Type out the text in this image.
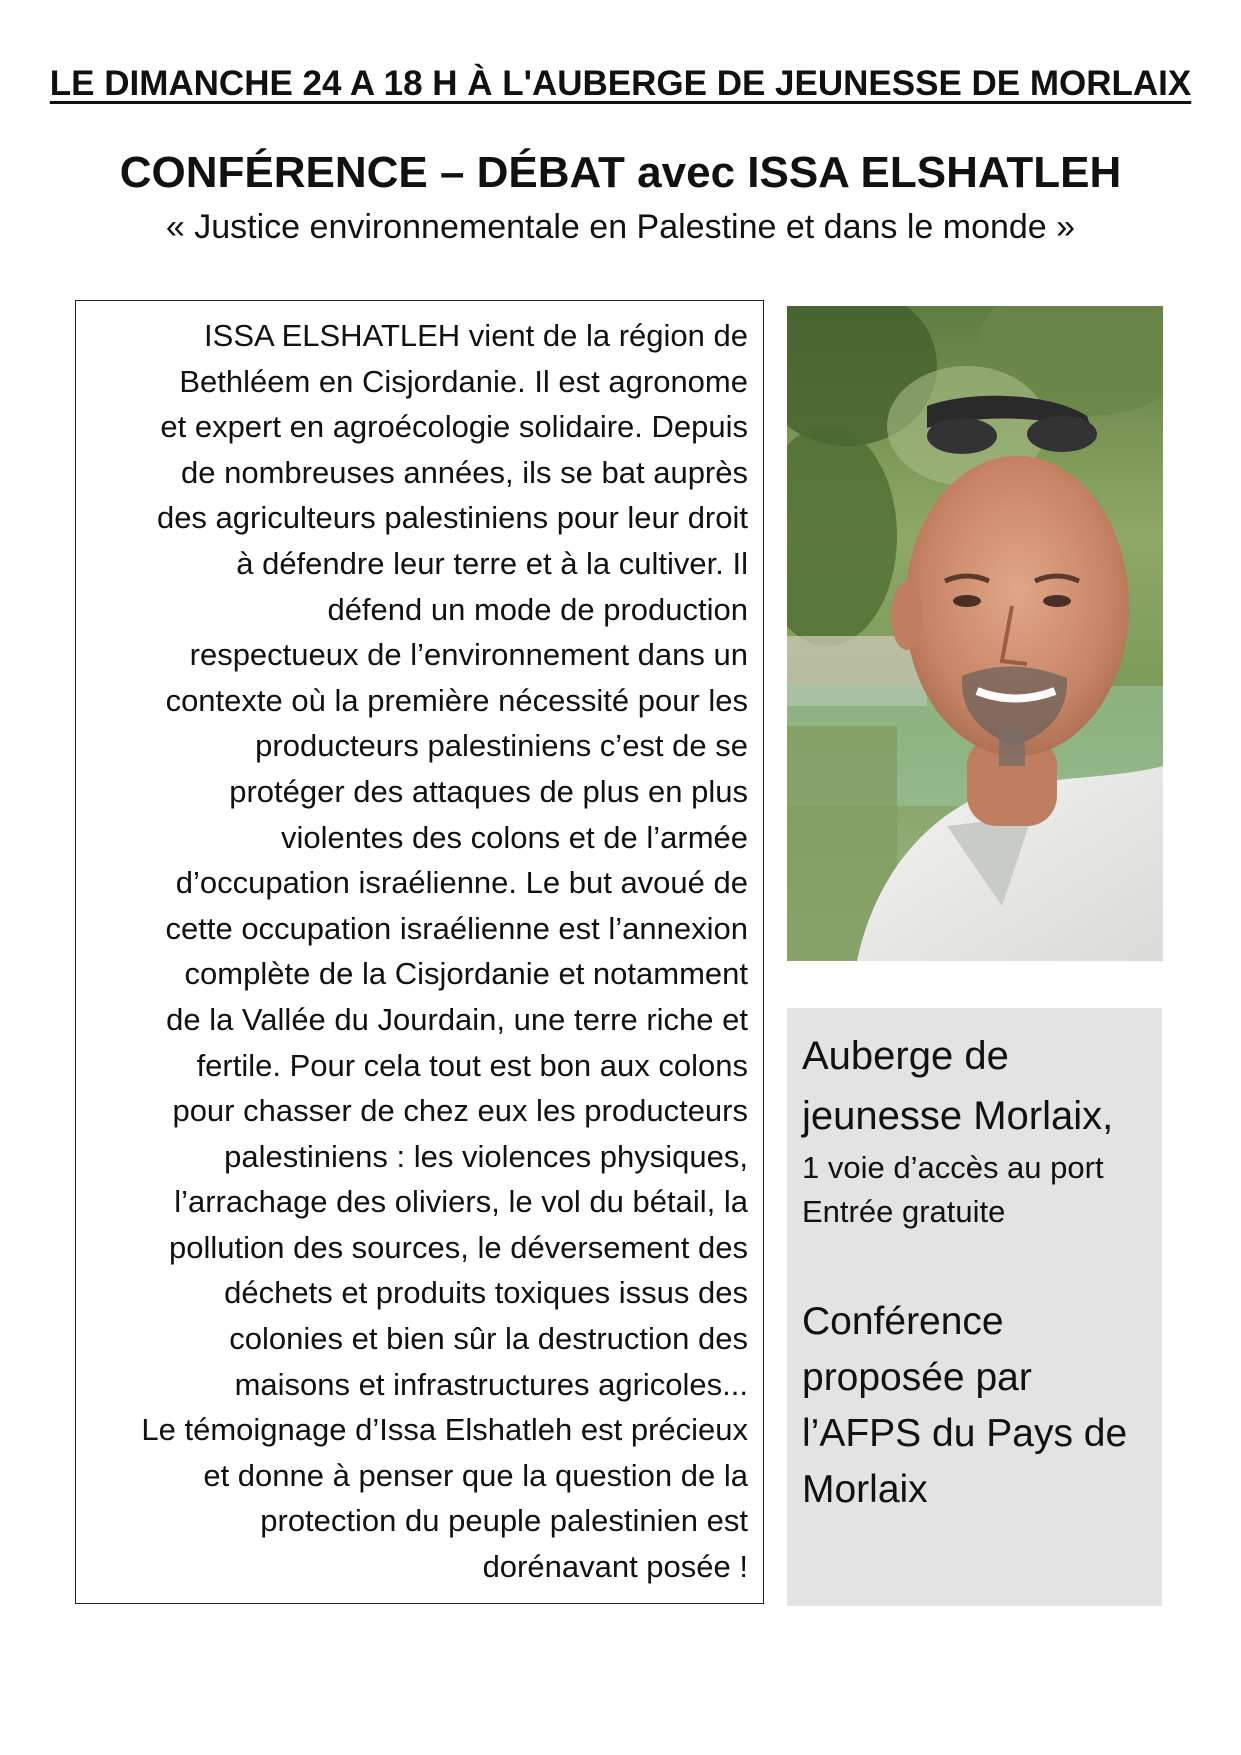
LE DIMANCHE 24 A 18 H À L'AUBERGE DE JEUNESSE DE MORLAIX
CONFÉRENCE – DÉBAT avec ISSA ELSHATLEH
« Justice environnementale en Palestine et dans le monde »

ISSA ELSHATLEH vient de la région de
Bethléem en Cisjordanie. Il est agronome
et expert en agroécologie solidaire. Depuis
de nombreuses années, ils se bat auprès
des agriculteurs palestiniens pour leur droit
à défendre leur terre et à la cultiver. Il
défend un mode de production
respectueux de l’environnement dans un
contexte où la première nécessité pour les
producteurs palestiniens c’est de se
protéger des attaques de plus en plus
violentes des colons et de l’armée
d’occupation israélienne. Le but avoué de
cette occupation israélienne est l’annexion
complète de la Cisjordanie et notamment
de la Vallée du Jourdain, une terre riche et
fertile. Pour cela tout est bon aux colons
pour chasser de chez eux les producteurs
palestiniens : les violences physiques,
l’arrachage des oliviers, le vol du bétail, la
pollution des sources, le déversement des
déchets et produits toxiques issus des
colonies et bien sûr la destruction des
maisons et infrastructures agricoles...
Le témoignage d’Issa Elshatleh est précieux
et donne à penser que la question de la
protection du peuple palestinien est
dorénavant posée !

Auberge de jeunesse Morlaix,

1 voie d’accès au port

Entrée gratuite

Conférence proposée par l’AFPS du Pays de Morlaix
